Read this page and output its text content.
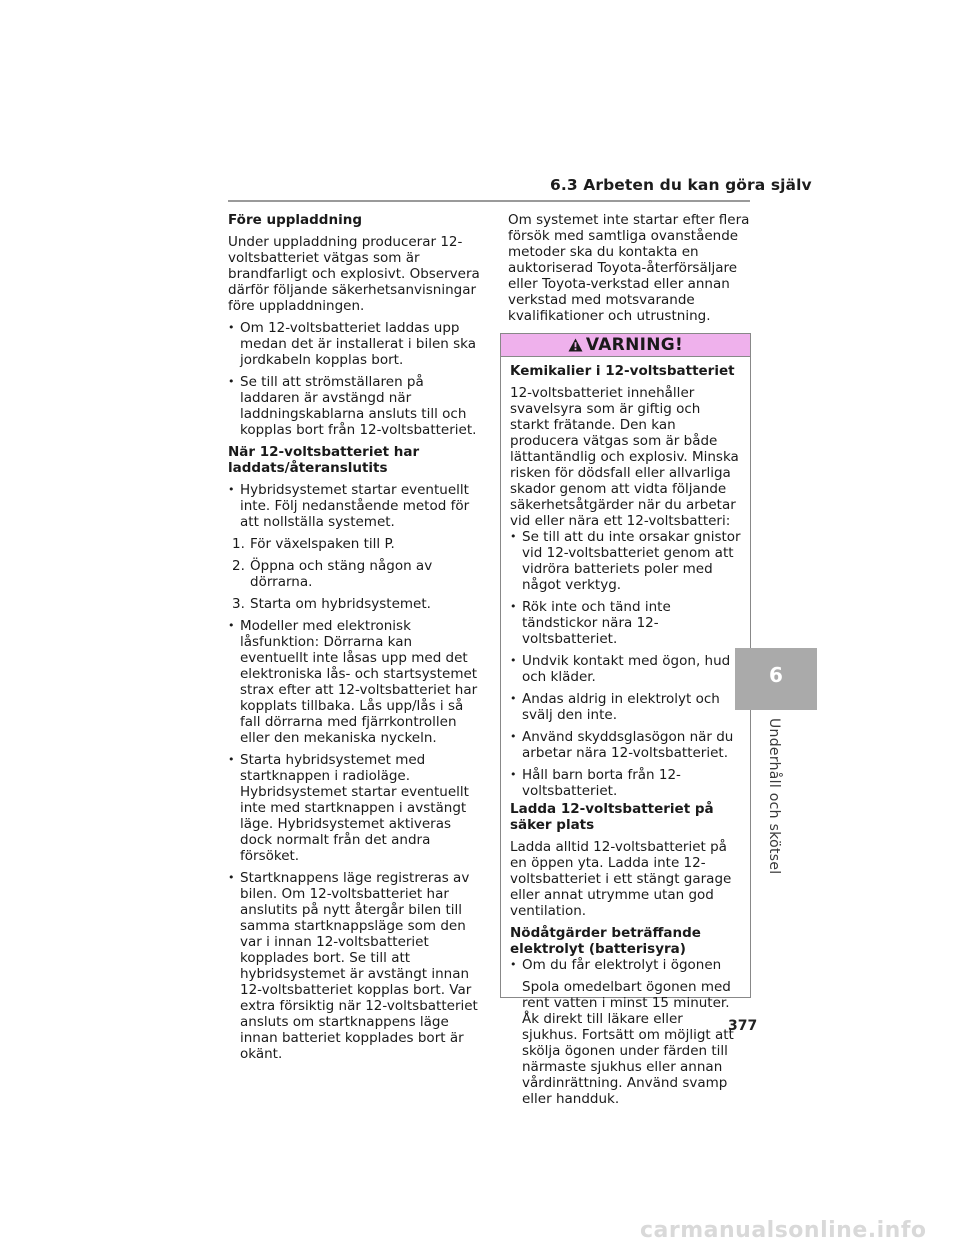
6.3 Arbeten du kan göra själv
Före uppladdning

Under uppladdning producerar 12-voltsbatteriet vätgas som är brandfarligt och explosivt. Observera därför följande säkerhetsanvisningar före uppladdningen.

• Om 12-voltsbatteriet laddas upp medan det är installerat i bilen ska jordkabeln kopplas bort.
• Se till att strömställaren på laddaren är avstängd när laddningskablarna ansluts till och kopplas bort från 12-voltsbatteriet.
När 12-voltsbatteriet har laddats/återanslutits
• Hybridsystemet startar eventuellt inte. Följ nedanstående metod för att nollställa systemet.
1. För växelspaken till P.
2. Öppna och stäng någon av dörrarna.
3. Starta om hybridsystemet.
• Modeller med elektronisk låsfunktion: Dörrarna kan eventuellt inte låsas upp med det elektroniska lås- och startsystemet strax efter att 12-voltsbatteriet har kopplats tillbaka. Lås upp/lås i så fall dörrarna med fjärrkontrollen eller den mekaniska nyckeln.
• Starta hybridsystemet med startknappen i radioläge. Hybridsystemet startar eventuellt inte med startknappen i avstängt läge. Hybridsystemet aktiveras dock normalt från det andra försöket.
• Startknappens läge registreras av bilen. Om 12-voltsbatteriet har anslutits på nytt återgår bilen till samma startknappsläge som den var i innan 12-voltsbatteriet kopplades bort. Se till att hybridsystemet är avstängt innan 12-voltsbatteriet kopplas bort. Var extra försiktig när 12-voltsbatteriet ansluts om startknappens läge innan batteriet kopplades bort är okänt.

Om systemet inte startar efter flera försök med samtliga ovanstående metoder ska du kontakta en auktoriserad Toyota-återförsäljare eller Toyota-verkstad eller annan verkstad med motsvarande kvalifikationer och utrustning.

VARNING!
Kemikalier i 12-voltsbatteriet

12-voltsbatteriet innehåller svavelsyra som är giftig och starkt frätande. Den kan producera vätgas som är både lättantändlig och explosiv. Minska risken för dödsfall eller allvarliga skador genom att vidta följande säkerhetsåtgärder när du arbetar vid eller nära ett 12-voltsbatteri:

• Se till att du inte orsakar gnistor vid 12-voltsbatteriet genom att vidröra batteriets poler med något verktyg.
• Rök inte och tänd inte tändstickor nära 12-voltsbatteriet.
• Undvik kontakt med ögon, hud och kläder.
• Andas aldrig in elektrolyt och svälj den inte.
• Använd skyddsglasögon när du arbetar nära 12-voltsbatteriet.
• Håll barn borta från 12-voltsbatteriet.
Ladda 12-voltsbatteriet på säker plats

Ladda alltid 12-voltsbatteriet på en öppen yta. Ladda inte 12-voltsbatteriet i ett stängt garage eller annat utrymme utan god ventilation.

Nödåtgärder beträffande elektrolyt (batterisyra)
• Om du får elektrolyt i ögonen
Spola omedelbart ögonen med rent vatten i minst 15 minuter. Åk direkt till läkare eller sjukhus. Fortsätt om möjligt att skölja ögonen under färden till närmaste sjukhus eller annan vårdinrättning. Använd svamp eller handduk.
6
Underhåll och skötsel
377
carmanualsonline.info
